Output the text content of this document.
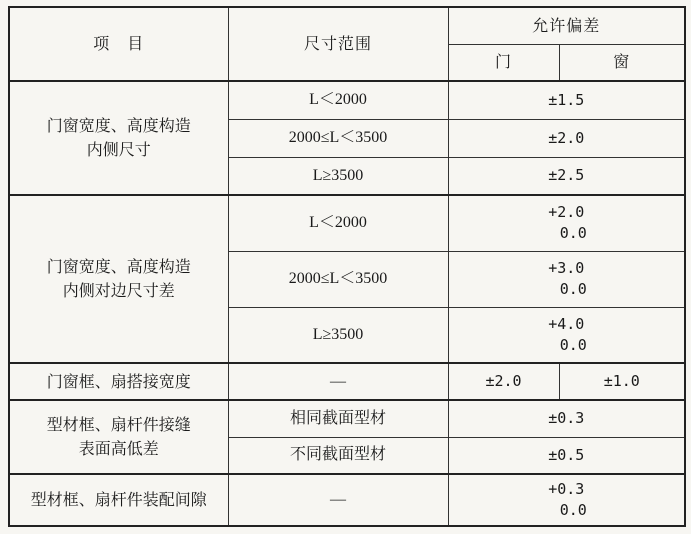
项　目	尺寸范围	允许偏差	
		门	窗

门窗宽度、高度构造
内侧尺寸	L＜2000	±1.5	
	2000≤L＜3500	±2.0	
	L≥3500	±2.5	

门窗宽度、高度构造
内侧对边尺寸差	L＜2000	+2.0
0.0	

	2000≤L＜3500	+3.0
0.0	

	L≥3500	+4.0
0.0	

门窗框、扇搭接宽度	—	±2.0	±1.0

型材框、扇杆件接缝
表面高低差	相同截面型材	±0.3	
	不同截面型材	±0.5	
型材框、扇杆件装配间隙	—	+0.3
0.0	
